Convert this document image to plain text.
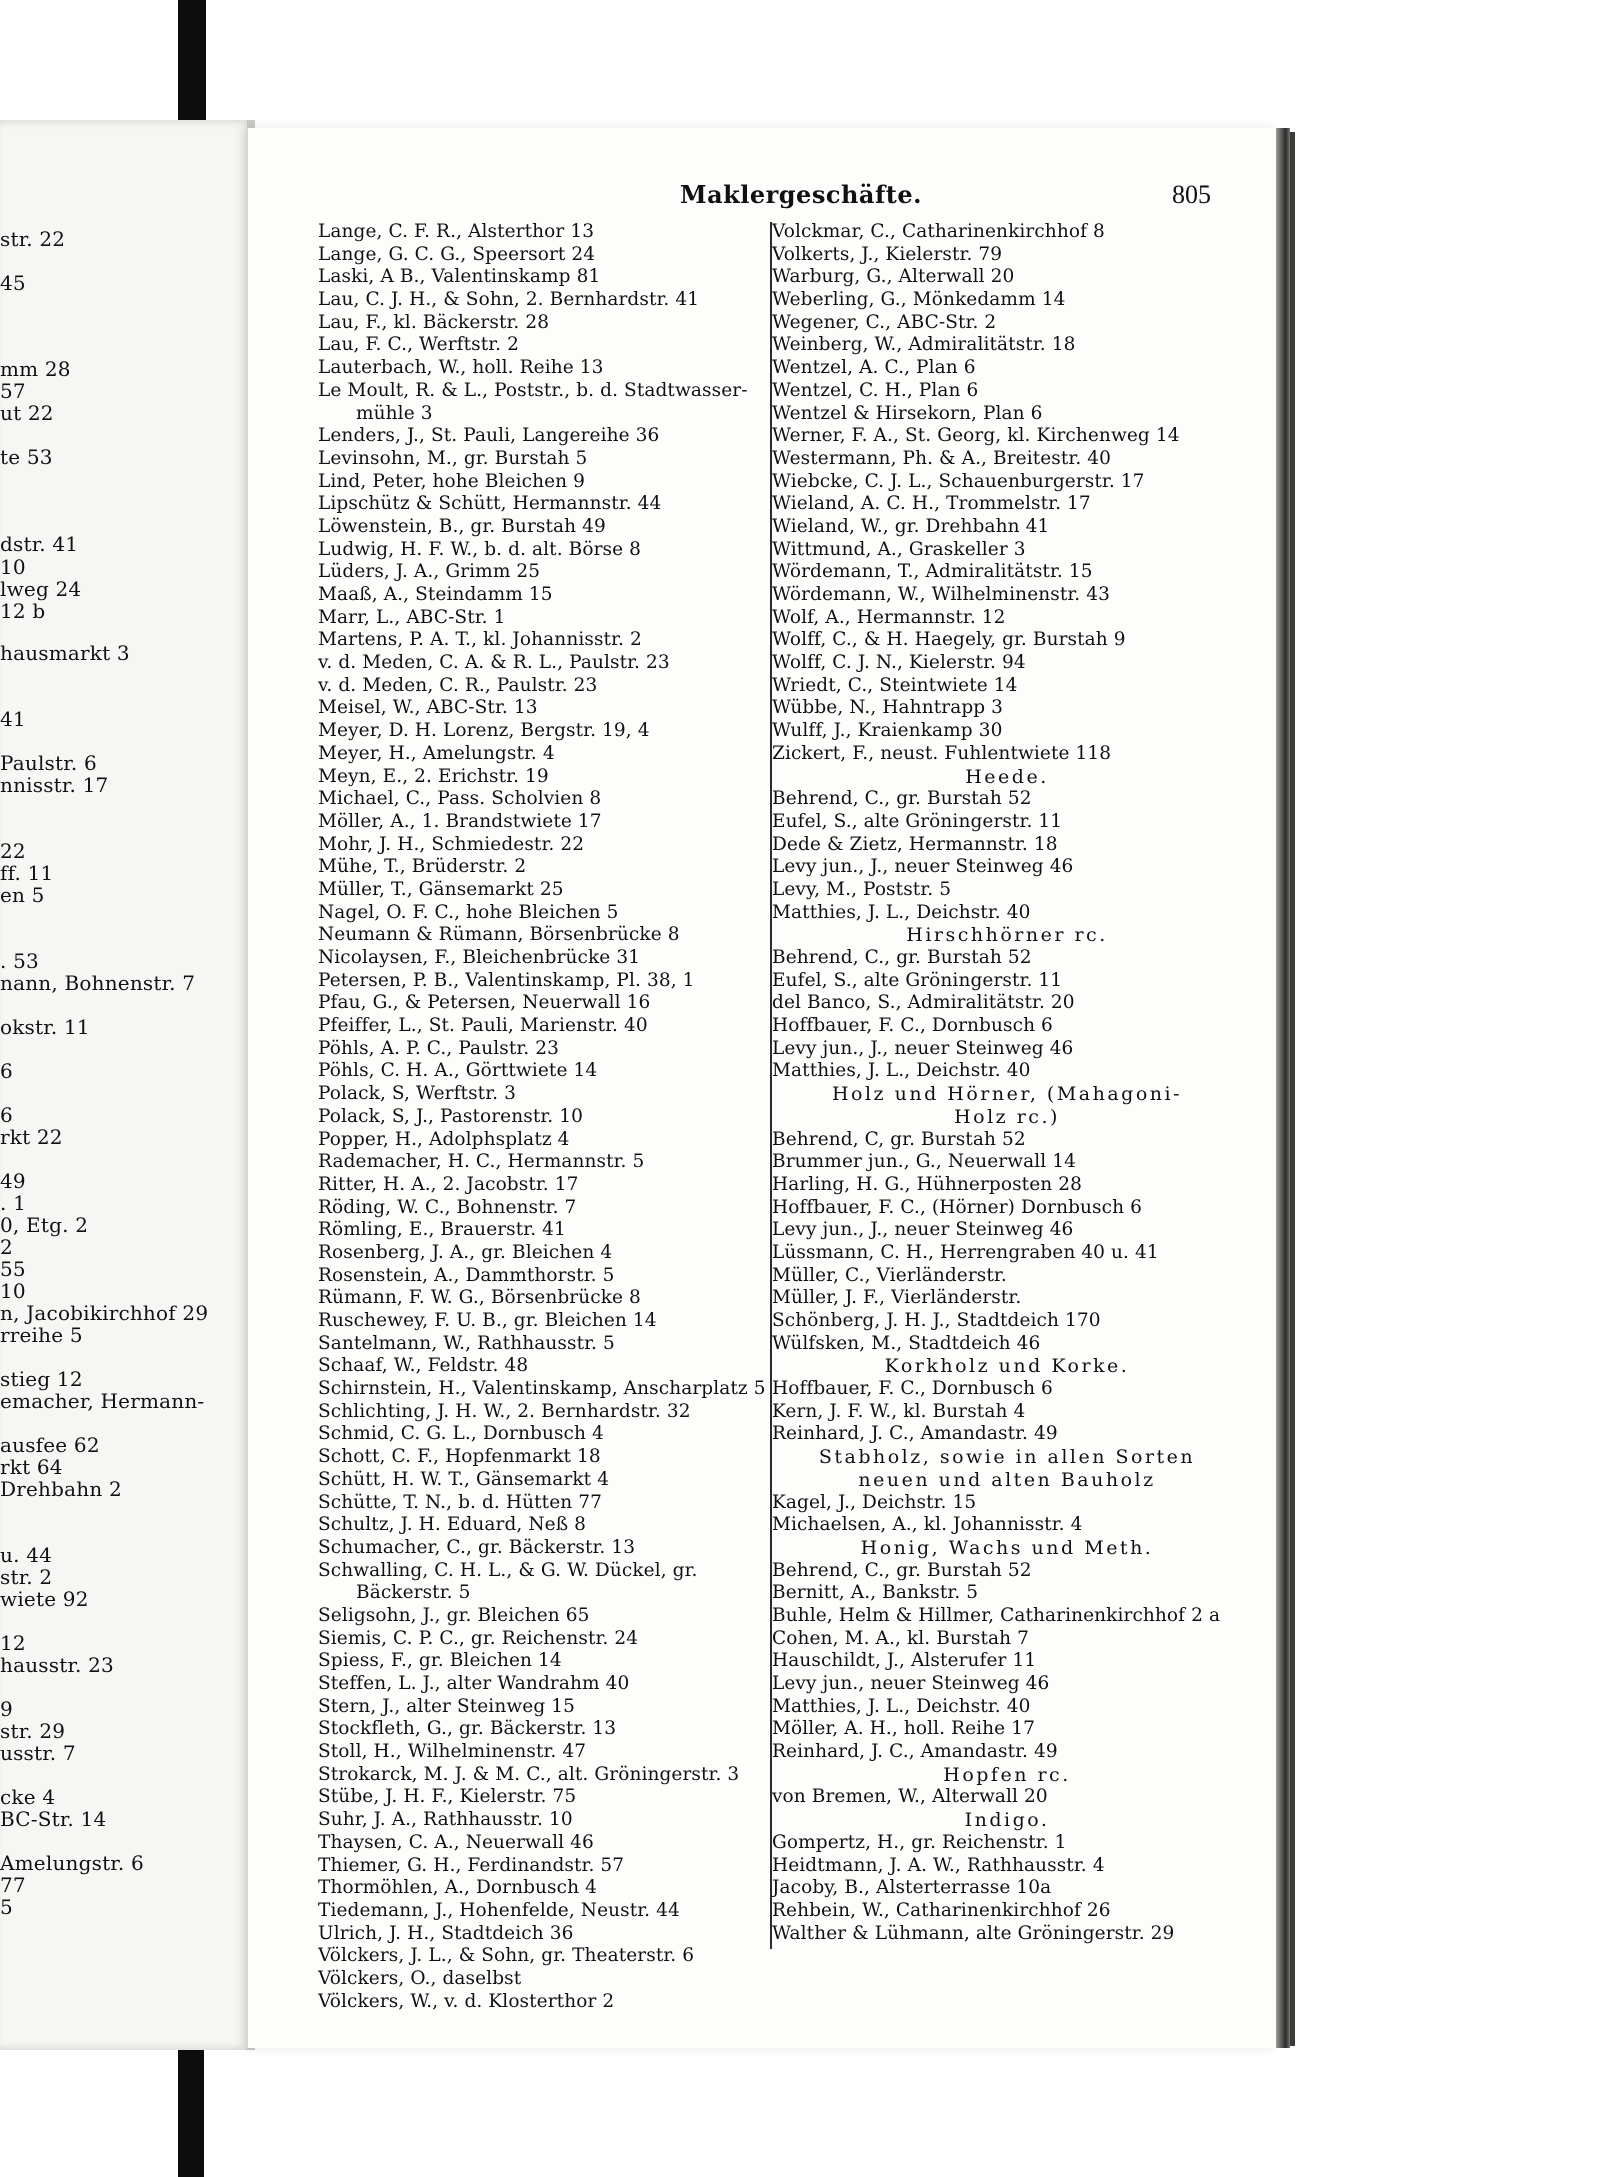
str. 22
45
mm 28
57
ut 22
te 53
dstr. 41
10
lweg 24
12 b
hausmarkt 3
41
Paulstr. 6
nnisstr. 17
22
ff. 11
en 5
. 53
nann, Bohnenstr. 7
okstr. 11
6
6
rkt 22
49
. 1
0, Etg. 2
2
55
10
n, Jacobikirchhof 29
rreihe 5
stieg 12
emacher, Hermann-
ausfee 62
rkt 64
Drehbahn 2
u. 44
str. 2
wiete 92
12
hausstr. 23
9
str. 29
usstr. 7
cke 4
BC-Str. 14
Amelungstr. 6
77
5
Maklergeschäfte.	805
Lange, C. F. R., Alsterthor 13
Lange, G. C. G., Speersort 24
Laski, A B., Valentinskamp 81
Lau, C. J. H., & Sohn, 2. Bernhardstr. 41
Lau, F., kl. Bäckerstr. 28
Lau, F. C., Werftstr. 2
Lauterbach, W., holl. Reihe 13
Le Moult, R. & L., Poststr., b. d. Stadtwasser-
mühle 3
Lenders, J., St. Pauli, Langereihe 36
Levinsohn, M., gr. Burstah 5
Lind, Peter, hohe Bleichen 9
Lipschütz & Schütt, Hermannstr. 44
Löwenstein, B., gr. Burstah 49
Ludwig, H. F. W., b. d. alt. Börse 8
Lüders, J. A., Grimm 25
Maaß, A., Steindamm 15
Marr, L., ABC-Str. 1
Martens, P. A. T., kl. Johannisstr. 2
v. d. Meden, C. A. & R. L., Paulstr. 23
v. d. Meden, C. R., Paulstr. 23
Meisel, W., ABC-Str. 13
Meyer, D. H. Lorenz, Bergstr. 19, 4
Meyer, H., Amelungstr. 4
Meyn, E., 2. Erichstr. 19
Michael, C., Pass. Scholvien 8
Möller, A., 1. Brandstwiete 17
Mohr, J. H., Schmiedestr. 22
Mühe, T., Brüderstr. 2
Müller, T., Gänsemarkt 25
Nagel, O. F. C., hohe Bleichen 5
Neumann & Rümann, Börsenbrücke 8
Nicolaysen, F., Bleichenbrücke 31
Petersen, P. B., Valentinskamp, Pl. 38, 1
Pfau, G., & Petersen, Neuerwall 16
Pfeiffer, L., St. Pauli, Marienstr. 40
Pöhls, A. P. C., Paulstr. 23
Pöhls, C. H. A., Görttwiete 14
Polack, S, Werftstr. 3
Polack, S, J., Pastorenstr. 10
Popper, H., Adolphsplatz 4
Rademacher, H. C., Hermannstr. 5
Ritter, H. A., 2. Jacobstr. 17
Röding, W. C., Bohnenstr. 7
Römling, E., Brauerstr. 41
Rosenberg, J. A., gr. Bleichen 4
Rosenstein, A., Dammthorstr. 5
Rümann, F. W. G., Börsenbrücke 8
Ruschewey, F. U. B., gr. Bleichen 14
Santelmann, W., Rathhausstr. 5
Schaaf, W., Feldstr. 48
Schirnstein, H., Valentinskamp, Anscharplatz 5
Schlichting, J. H. W., 2. Bernhardstr. 32
Schmid, C. G. L., Dornbusch 4
Schott, C. F., Hopfenmarkt 18
Schütt, H. W. T., Gänsemarkt 4
Schütte, T. N., b. d. Hütten 77
Schultz, J. H. Eduard, Neß 8
Schumacher, C., gr. Bäckerstr. 13
Schwalling, C. H. L., & G. W. Dückel, gr.
Bäckerstr. 5
Seligsohn, J., gr. Bleichen 65
Siemis, C. P. C., gr. Reichenstr. 24
Spiess, F., gr. Bleichen 14
Steffen, L. J., alter Wandrahm 40
Stern, J., alter Steinweg 15
Stockfleth, G., gr. Bäckerstr. 13
Stoll, H., Wilhelminenstr. 47
Strokarck, M. J. & M. C., alt. Gröningerstr. 3
Stübe, J. H. F., Kielerstr. 75
Suhr, J. A., Rathhausstr. 10
Thaysen, C. A., Neuerwall 46
Thiemer, G. H., Ferdinandstr. 57
Thormöhlen, A., Dornbusch 4
Tiedemann, J., Hohenfelde, Neustr. 44
Ulrich, J. H., Stadtdeich 36
Völckers, J. L., & Sohn, gr. Theaterstr. 6
Völckers, O., daselbst
Völckers, W., v. d. Klosterthor 2
Volckmar, C., Catharinenkirchhof 8
Volkerts, J., Kielerstr. 79
Warburg, G., Alterwall 20
Weberling, G., Mönkedamm 14
Wegener, C., ABC-Str. 2
Weinberg, W., Admiralitätstr. 18
Wentzel, A. C., Plan 6
Wentzel, C. H., Plan 6
Wentzel & Hirsekorn, Plan 6
Werner, F. A., St. Georg, kl. Kirchenweg 14
Westermann, Ph. & A., Breitestr. 40
Wiebcke, C. J. L., Schauenburgerstr. 17
Wieland, A. C. H., Trommelstr. 17
Wieland, W., gr. Drehbahn 41
Wittmund, A., Graskeller 3
Wördemann, T., Admiralitätstr. 15
Wördemann, W., Wilhelminenstr. 43
Wolf, A., Hermannstr. 12
Wolff, C., & H. Haegely, gr. Burstah 9
Wolff, C. J. N., Kielerstr. 94
Wriedt, C., Steintwiete 14
Wübbe, N., Hahntrapp 3
Wulff, J., Kraienkamp 30
Zickert, F., neust. Fuhlentwiete 118
Heede.
Behrend, C., gr. Burstah 52
Eufel, S., alte Gröningerstr. 11
Dede & Zietz, Hermannstr. 18
Levy jun., J., neuer Steinweg 46
Levy, M., Poststr. 5
Matthies, J. L., Deichstr. 40
Hirschhörner rc.
Behrend, C., gr. Burstah 52
Eufel, S., alte Gröningerstr. 11
del Banco, S., Admiralitätstr. 20
Hoffbauer, F. C., Dornbusch 6
Levy jun., J., neuer Steinweg 46
Matthies, J. L., Deichstr. 40
Holz und Hörner, (Mahagoni-
Holz rc.)
Behrend, C, gr. Burstah 52
Brummer jun., G., Neuerwall 14
Harling, H. G., Hühnerposten 28
Hoffbauer, F. C., (Hörner) Dornbusch 6
Levy jun., J., neuer Steinweg 46
Lüssmann, C. H., Herrengraben 40 u. 41
Müller, C., Vierländerstr.
Müller, J. F., Vierländerstr.
Schönberg, J. H. J., Stadtdeich 170
Wülfsken, M., Stadtdeich 46
Korkholz und Korke.
Hoffbauer, F. C., Dornbusch 6
Kern, J. F. W., kl. Burstah 4
Reinhard, J. C., Amandastr. 49
Stabholz, sowie in allen Sorten
neuen und alten Bauholz
Kagel, J., Deichstr. 15
Michaelsen, A., kl. Johannisstr. 4
Honig, Wachs und Meth.
Behrend, C., gr. Burstah 52
Bernitt, A., Bankstr. 5
Buhle, Helm & Hillmer, Catharinenkirchhof 2 a
Cohen, M. A., kl. Burstah 7
Hauschildt, J., Alsterufer 11
Levy jun., neuer Steinweg 46
Matthies, J. L., Deichstr. 40
Möller, A. H., holl. Reihe 17
Reinhard, J. C., Amandastr. 49
Hopfen rc.
von Bremen, W., Alterwall 20
Indigo.
Gompertz, H., gr. Reichenstr. 1
Heidtmann, J. A. W., Rathhausstr. 4
Jacoby, B., Alsterterrasse 10a
Rehbein, W., Catharinenkirchhof 26
Walther & Lühmann, alte Gröningerstr. 29
